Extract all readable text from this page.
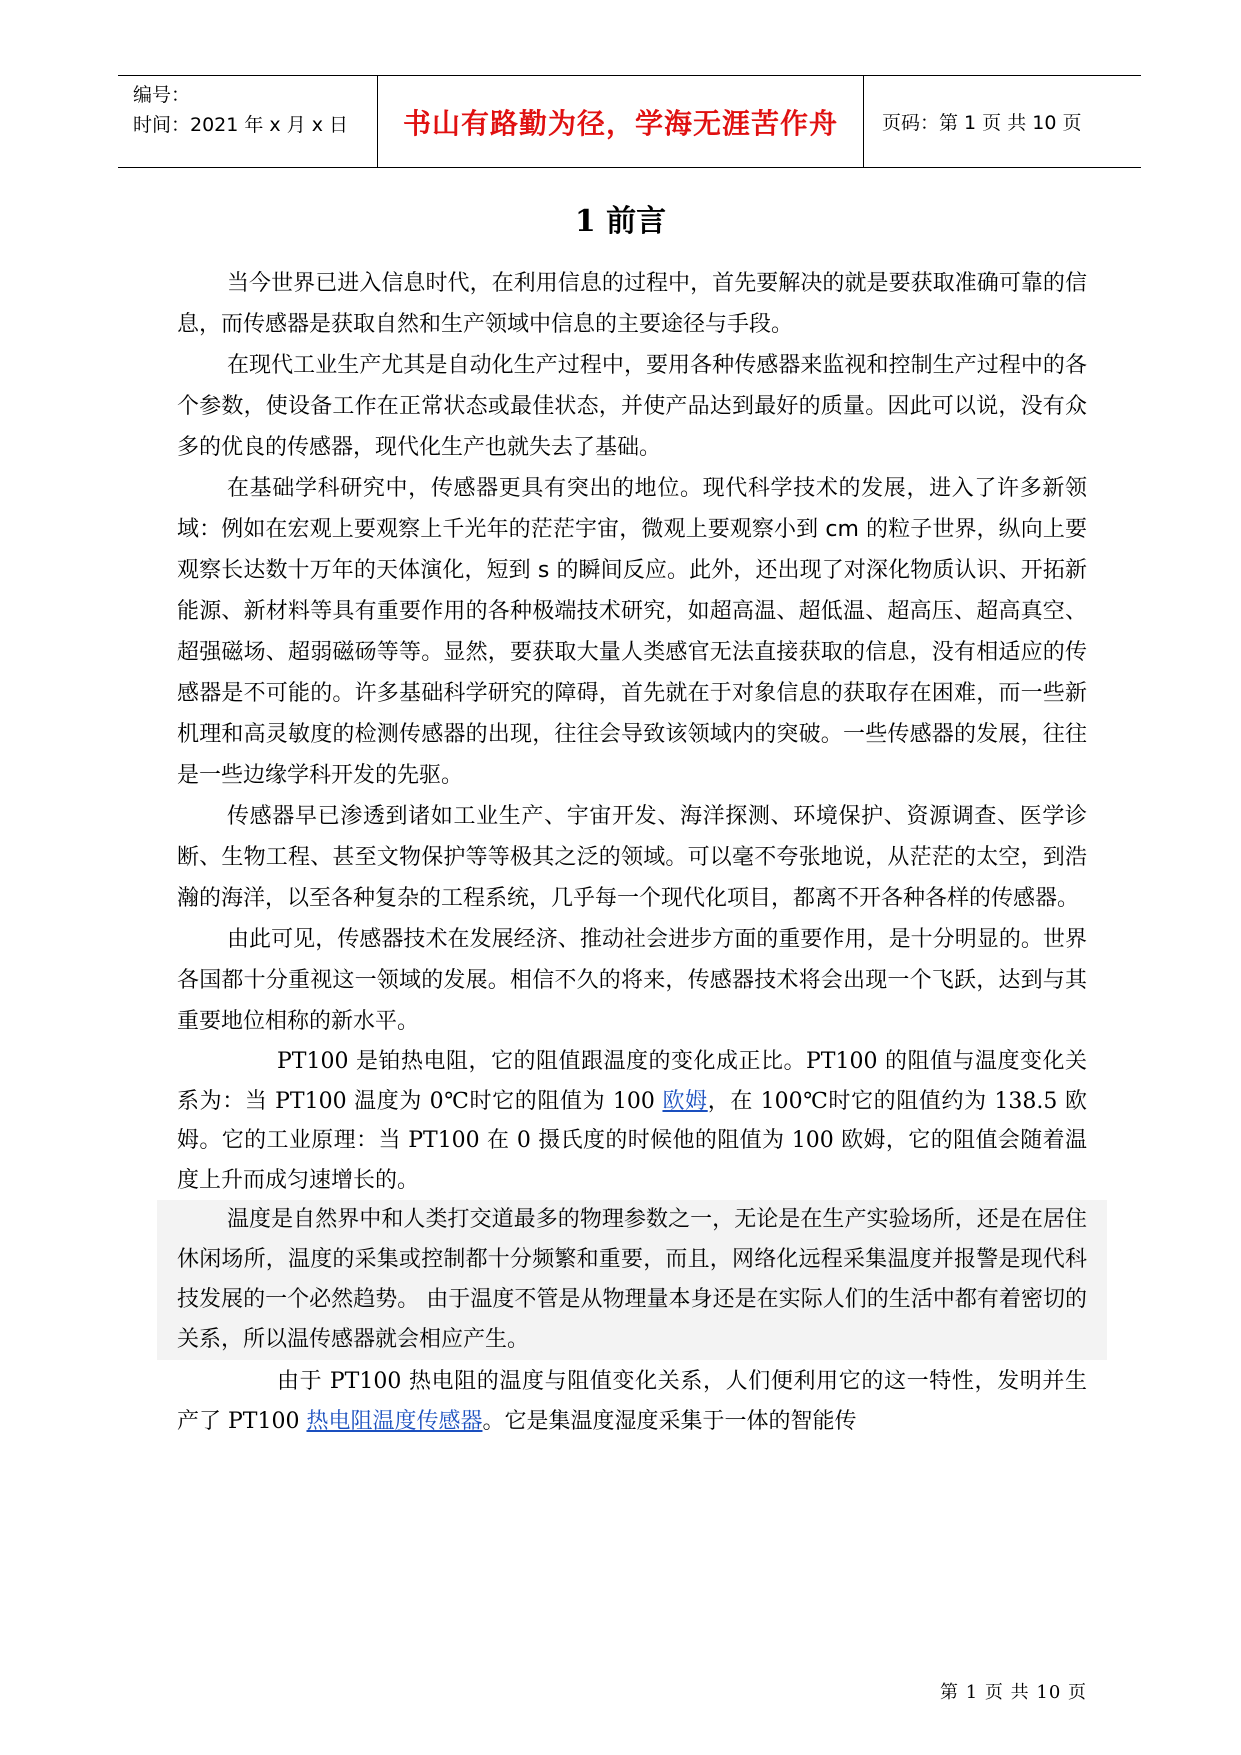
编号：
时间：2021 年 x 月 x 日	书山有路勤为径，学海无涯苦作舟	页码：第 1 页 共 10 页
1 前言

当今世界已进入信息时代，在利用信息的过程中，首先要解决的就是要获取准确可靠的信息，而传感器是获取自然和生产领域中信息的主要途径与手段。

在现代工业生产尤其是自动化生产过程中，要用各种传感器来监视和控制生产过程中的各个参数，使设备工作在正常状态或最佳状态，并使产品达到最好的质量。因此可以说，没有众多的优良的传感器，现代化生产也就失去了基础。

在基础学科研究中，传感器更具有突出的地位。现代科学技术的发展，进入了许多新领域：例如在宏观上要观察上千光年的茫茫宇宙，微观上要观察小到 cm 的粒子世界，纵向上要观察长达数十万年的天体演化，短到 s 的瞬间反应。此外，还出现了对深化物质认识、开拓新能源、新材料等具有重要作用的各种极端技术研究，如超高温、超低温、超高压、超高真空、超强磁场、超弱磁砀等等。显然，要获取大量人类感官无法直接获取的信息，没有相适应的传感器是不可能的。许多基础科学研究的障碍，首先就在于对象信息的获取存在困难，而一些新机理和高灵敏度的检测传感器的出现，往往会导致该领域内的突破。一些传感器的发展，往往是一些边缘学科开发的先驱。

传感器早已渗透到诸如工业生产、宇宙开发、海洋探测、环境保护、资源调查、医学诊断、生物工程、甚至文物保护等等极其之泛的领域。可以毫不夸张地说，从茫茫的太空，到浩瀚的海洋，以至各种复杂的工程系统，几乎每一个现代化项目，都离不开各种各样的传感器。

由此可见，传感器技术在发展经济、推动社会进步方面的重要作用，是十分明显的。世界各国都十分重视这一领域的发展。相信不久的将来，传感器技术将会出现一个飞跃，达到与其重要地位相称的新水平。

PT100 是铂热电阻，它的阻值跟温度的变化成正比。PT100 的阻值与温度变化关系为：当 PT100 温度为 0℃时它的阻值为 100 欧姆，在 100℃时它的阻值约为 138.5 欧姆。它的工业原理：当 PT100 在 0 摄氏度的时候他的阻值为 100 欧姆，它的阻值会随着温度上升而成匀速增长的。

温度是自然界中和人类打交道最多的物理参数之一，无论是在生产实验场所，还是在居住休闲场所，温度的采集或控制都十分频繁和重要，而且，网络化远程采集温度并报警是现代科技发展的一个必然趋势。 由于温度不管是从物理量本身还是在实际人们的生活中都有着密切的关系，所以温传感器就会相应产生。

由于 PT100 热电阻的温度与阻值变化关系，人们便利用它的这一特性，发明并生产了 PT100 热电阻温度传感器。它是集温度湿度采集于一体的智能传

第 1 页 共 10 页
